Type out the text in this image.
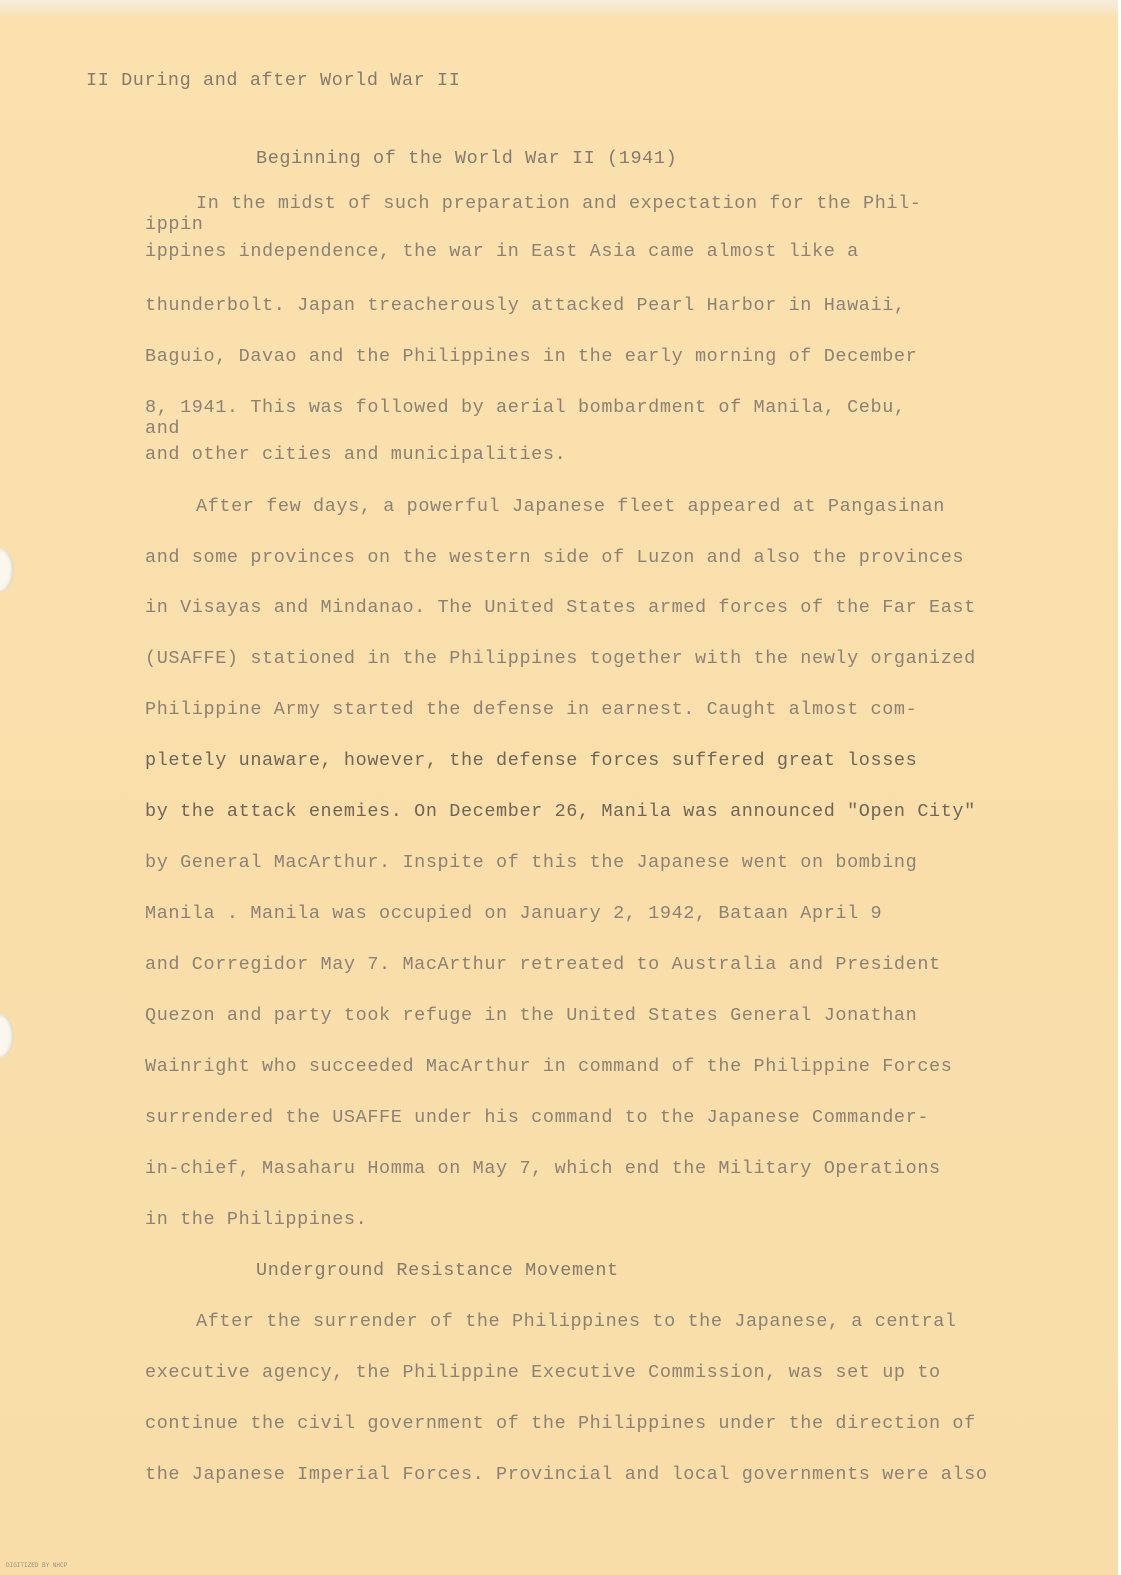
II During and after World War II
Beginning of the World War II (1941)
In the midst of such preparation and expectation for the Phil-
ippin
ippines independence, the war in East Asia came almost like a
thunderbolt. Japan treacherously attacked Pearl Harbor in Hawaii,
Baguio, Davao and the Philippines in the early morning of December
8, 1941. This was followed by aerial bombardment of Manila, Cebu,
and
and other cities and municipalities.
After few days, a powerful Japanese fleet appeared at Pangasinan
and some provinces on the western side of Luzon and also the provinces
in Visayas and Mindanao. The United States armed forces of the Far East
(USAFFE) stationed in the Philippines together with the newly organized
Philippine Army started the defense in earnest. Caught almost com-
pletely unaware, however, the defense forces suffered great losses
by the attack enemies. On December 26, Manila was announced "Open City"
by General MacArthur. Inspite of this the Japanese went on bombing
Manila . Manila was occupied on January 2, 1942, Bataan April 9
and Corregidor May 7. MacArthur retreated to Australia and President
Quezon and party took refuge in the United States General Jonathan
Wainright who succeeded MacArthur in command of the Philippine Forces
surrendered the USAFFE under his command to the Japanese Commander-
in-chief, Masaharu Homma on May 7, which end the Military Operations
in the Philippines.
Underground Resistance Movement
After the surrender of the Philippines to the Japanese, a central
executive agency, the Philippine Executive Commission, was set up to
continue the civil government of the Philippines under the direction of
the Japanese Imperial Forces. Provincial and local governments were also
DIGITIZED BY NHCP
